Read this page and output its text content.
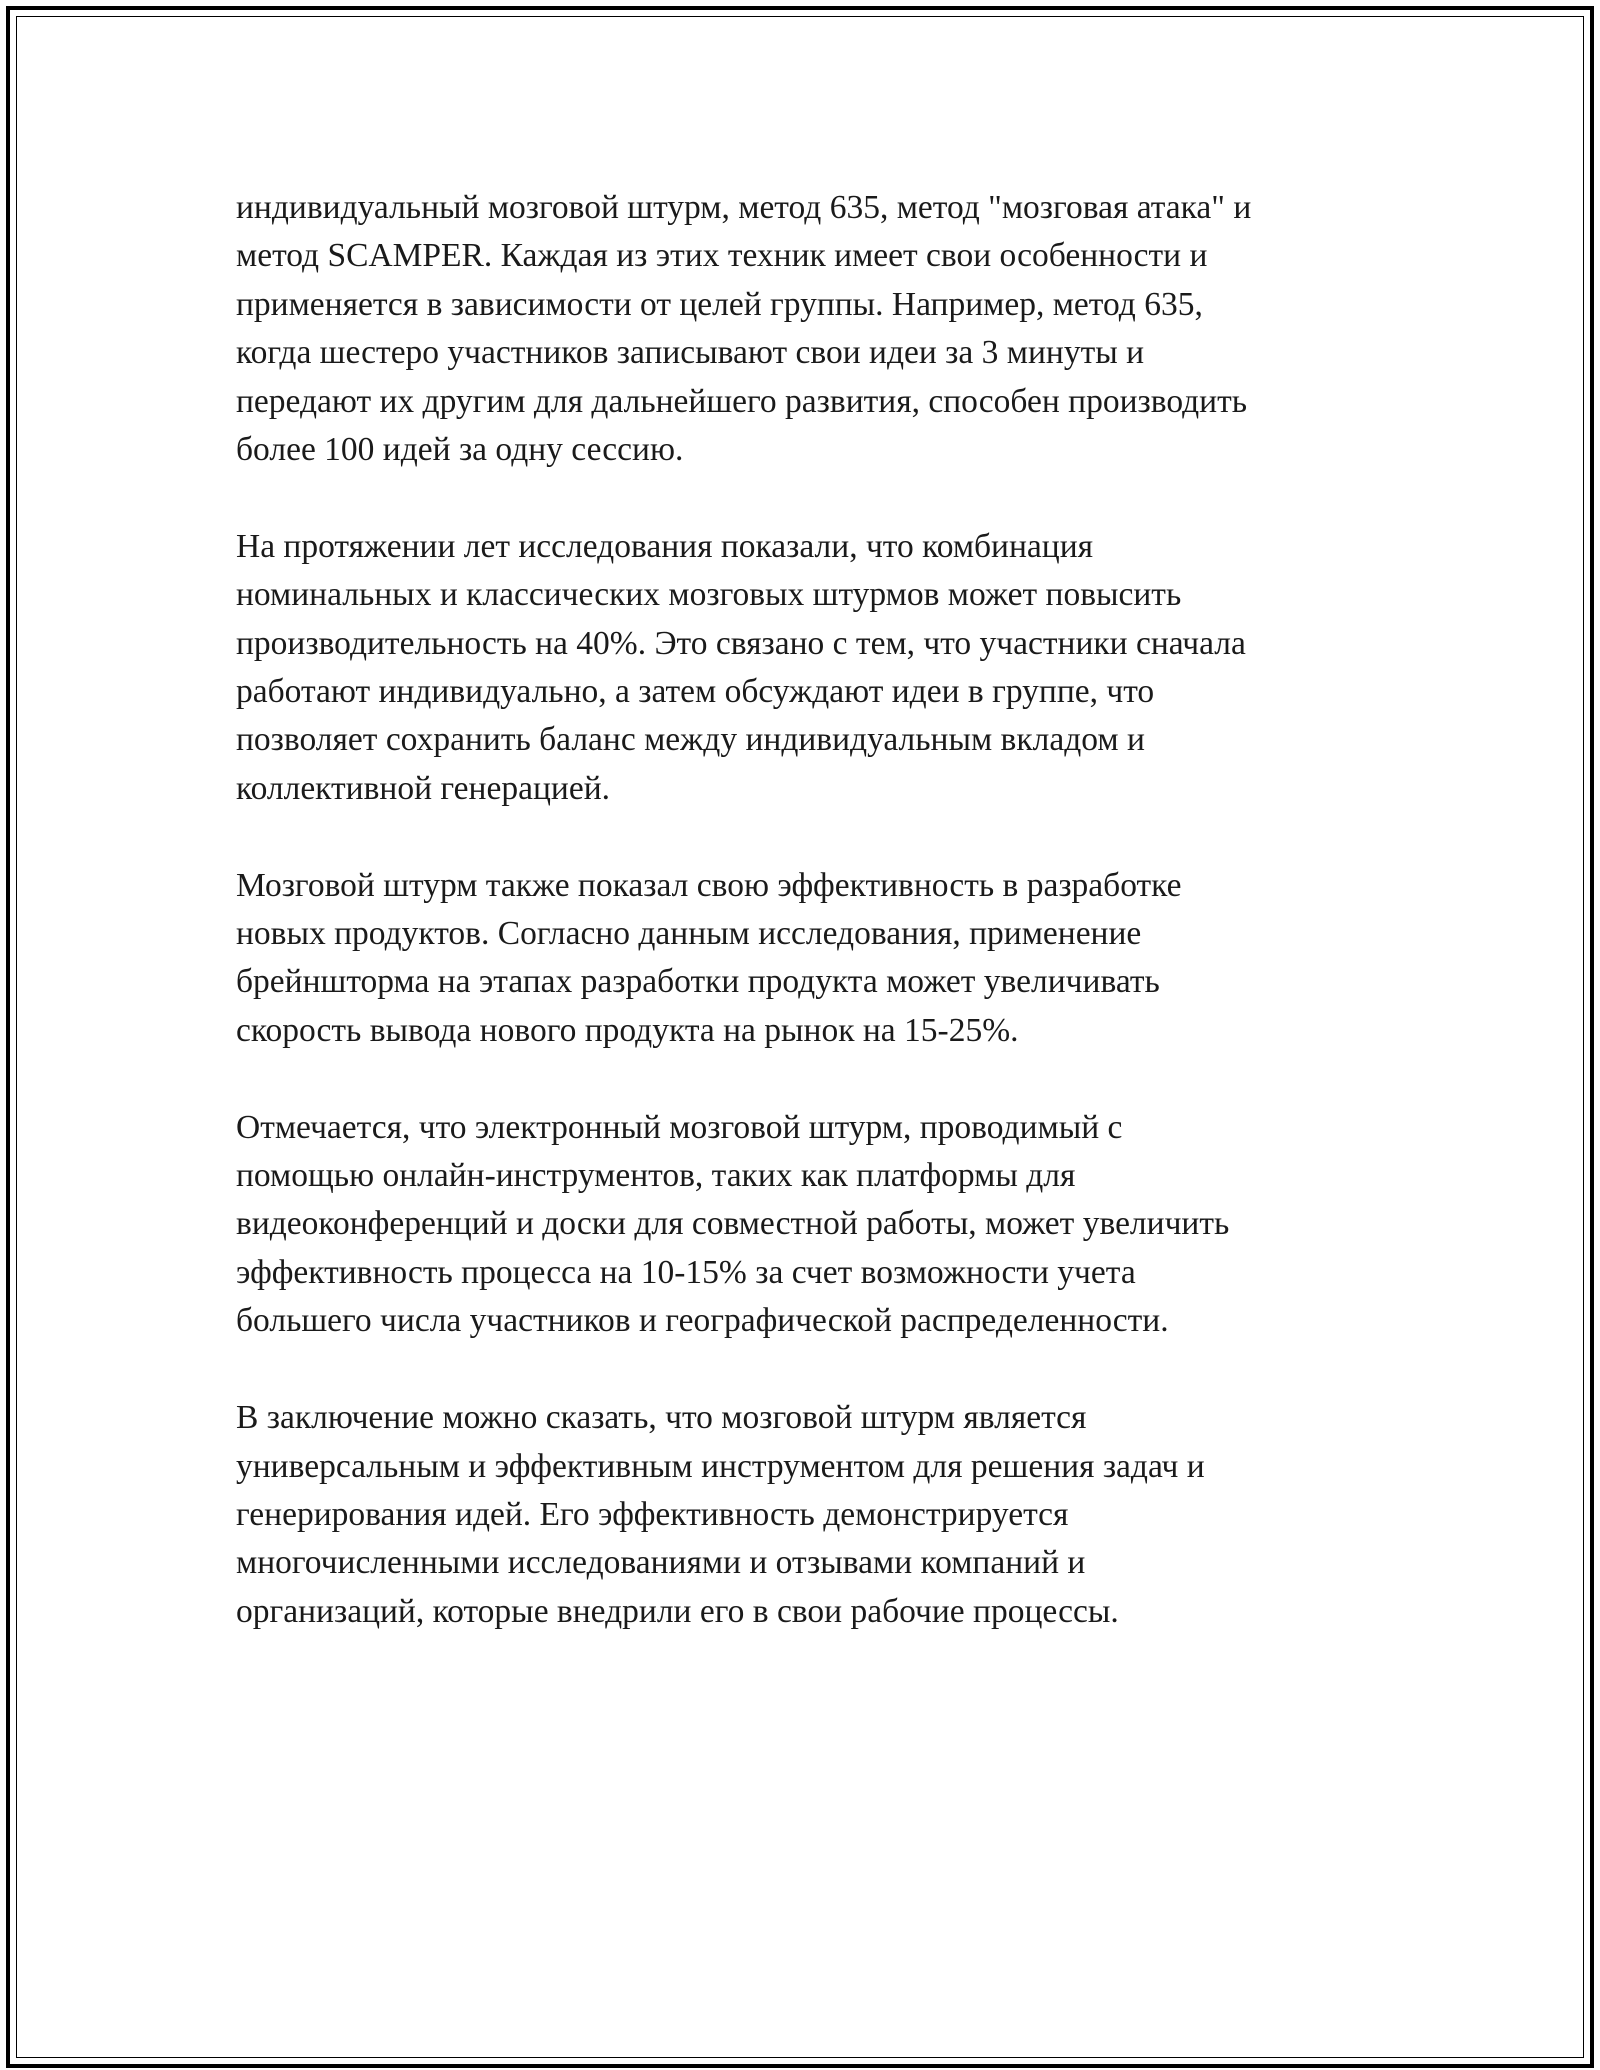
индивидуальный мозговой штурм, метод 635, метод "мозговая атака" и
метод SCAMPER. Каждая из этих техник имеет свои особенности и
применяется в зависимости от целей группы. Например, метод 635,
когда шестеро участников записывают свои идеи за 3 минуты и
передают их другим для дальнейшего развития, способен производить
более 100 идей за одну сессию.

На протяжении лет исследования показали, что комбинация
номинальных и классических мозговых штурмов может повысить
производительность на 40%. Это связано с тем, что участники сначала
работают индивидуально, а затем обсуждают идеи в группе, что
позволяет сохранить баланс между индивидуальным вкладом и
коллективной генерацией.

Мозговой штурм также показал свою эффективность в разработке
новых продуктов. Согласно данным исследования, применение
брейншторма на этапах разработки продукта может увеличивать
скорость вывода нового продукта на рынок на 15-25%.

Отмечается, что электронный мозговой штурм, проводимый с
помощью онлайн-инструментов, таких как платформы для
видеоконференций и доски для совместной работы, может увеличить
эффективность процесса на 10-15% за счет возможности учета
большего числа участников и географической распределенности.

В заключение можно сказать, что мозговой штурм является
универсальным и эффективным инструментом для решения задач и
генерирования идей. Его эффективность демонстрируется
многочисленными исследованиями и отзывами компаний и
организаций, которые внедрили его в свои рабочие процессы.
